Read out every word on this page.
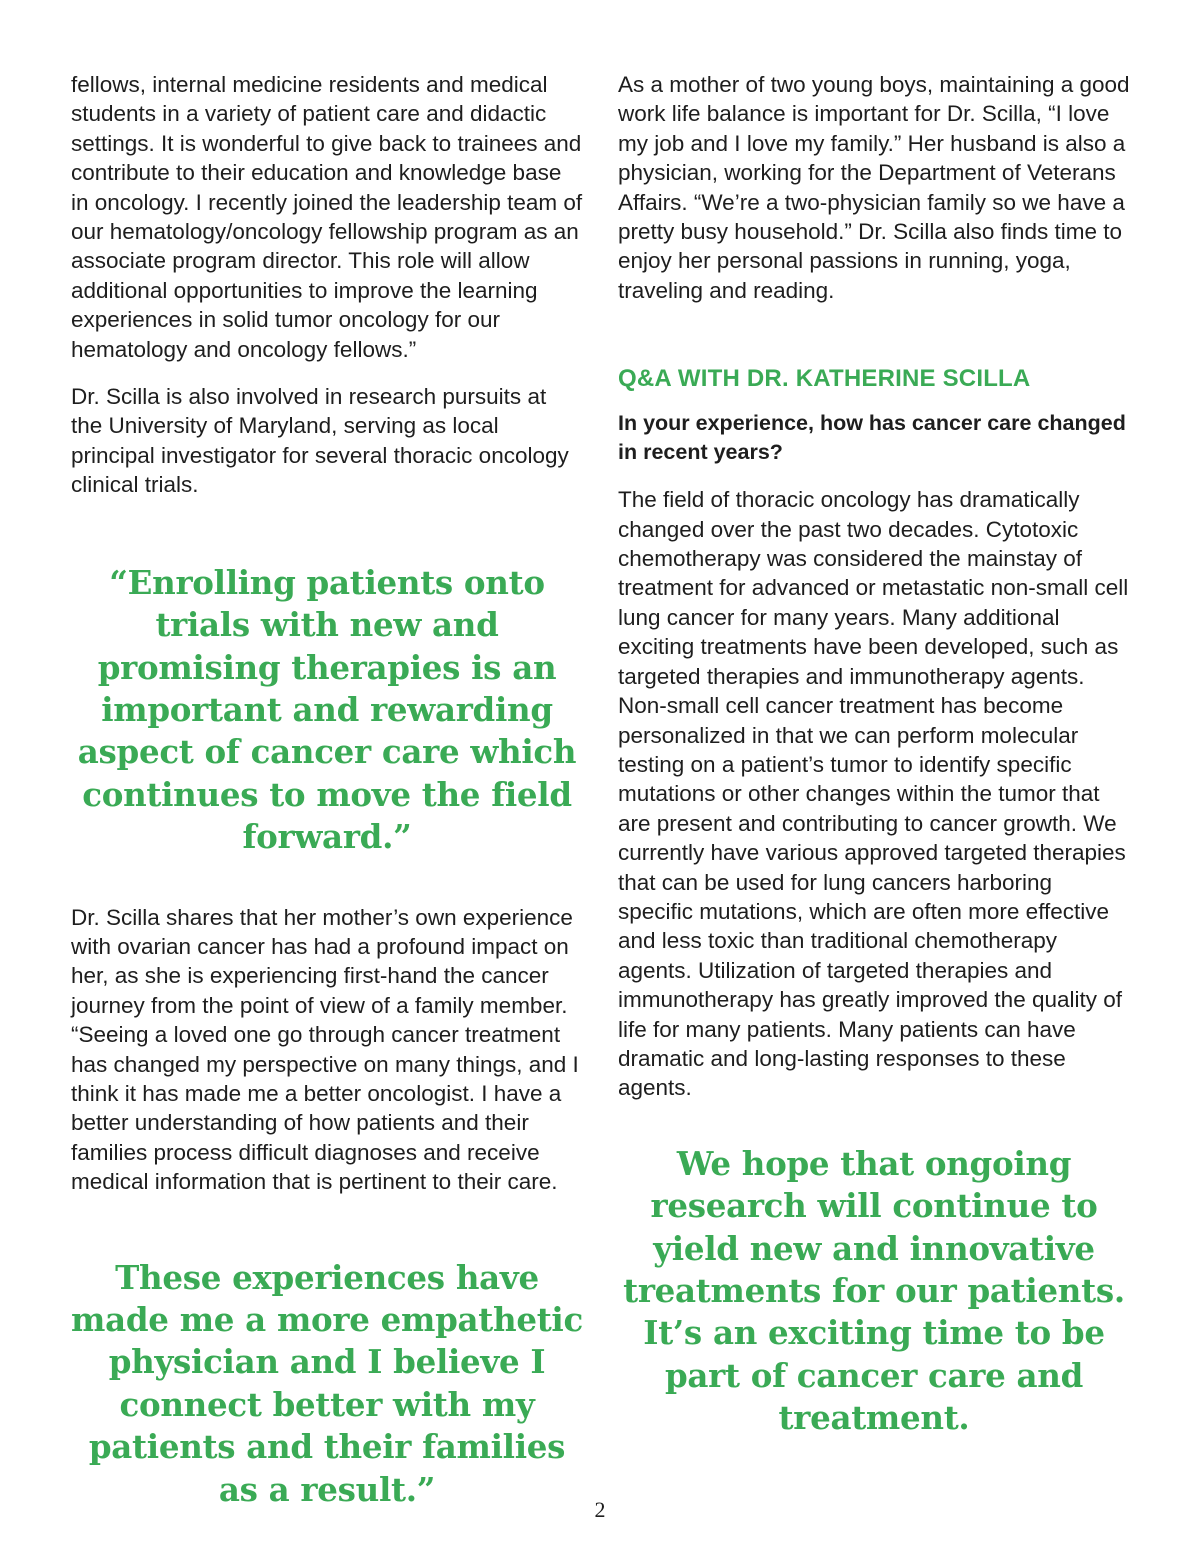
fellows, internal medicine residents and medical students in a variety of patient care and didactic settings. It is wonderful to give back to trainees and contribute to their education and knowledge base in oncology. I recently joined the leadership team of our hematology/oncology fellowship program as an associate program director. This role will allow additional opportunities to improve the learning experiences in solid tumor oncology for our hematology and oncology fellows.”

Dr. Scilla is also involved in research pursuits at the University of Maryland, serving as local principal investigator for several thoracic oncology clinical trials.

“Enrolling patients onto trials with new and promising therapies is an important and rewarding aspect of cancer care which continues to move the field forward.”

Dr. Scilla shares that her mother’s own experience with ovarian cancer has had a profound impact on her, as she is experiencing first-hand the cancer journey from the point of view of a family member. “Seeing a loved one go through cancer treatment has changed my perspective on many things, and I think it has made me a better oncologist. I have a better understanding of how patients and their families process difficult diagnoses and receive medical information that is pertinent to their care.

These experiences have made me a more empathetic physician and I believe I connect better with my patients and their families as a result.”

As a mother of two young boys, maintaining a good work life balance is important for Dr. Scilla, “I love my job and I love my family.” Her husband is also a physician, working for the Department of Veterans Affairs. “We’re a two-physician family so we have a pretty busy household.” Dr. Scilla also finds time to enjoy her personal passions in running, yoga, traveling and reading.

Q&A WITH DR. KATHERINE SCILLA

In your experience, how has cancer care changed in recent years?

The field of thoracic oncology has dramatically changed over the past two decades. Cytotoxic chemotherapy was considered the mainstay of treatment for advanced or metastatic non-small cell lung cancer for many years. Many additional exciting treatments have been developed, such as targeted therapies and immunotherapy agents. Non-small cell cancer treatment has become personalized in that we can perform molecular testing on a patient’s tumor to identify specific mutations or other changes within the tumor that are present and contributing to cancer growth. We currently have various approved targeted therapies that can be used for lung cancers harboring specific mutations, which are often more effective and less toxic than traditional chemotherapy agents. Utilization of targeted therapies and immunotherapy has greatly improved the quality of life for many patients. Many patients can have dramatic and long-lasting responses to these agents.

We hope that ongoing research will continue to yield new and innovative treatments for our patients. It’s an exciting time to be part of cancer care and treatment.

2
